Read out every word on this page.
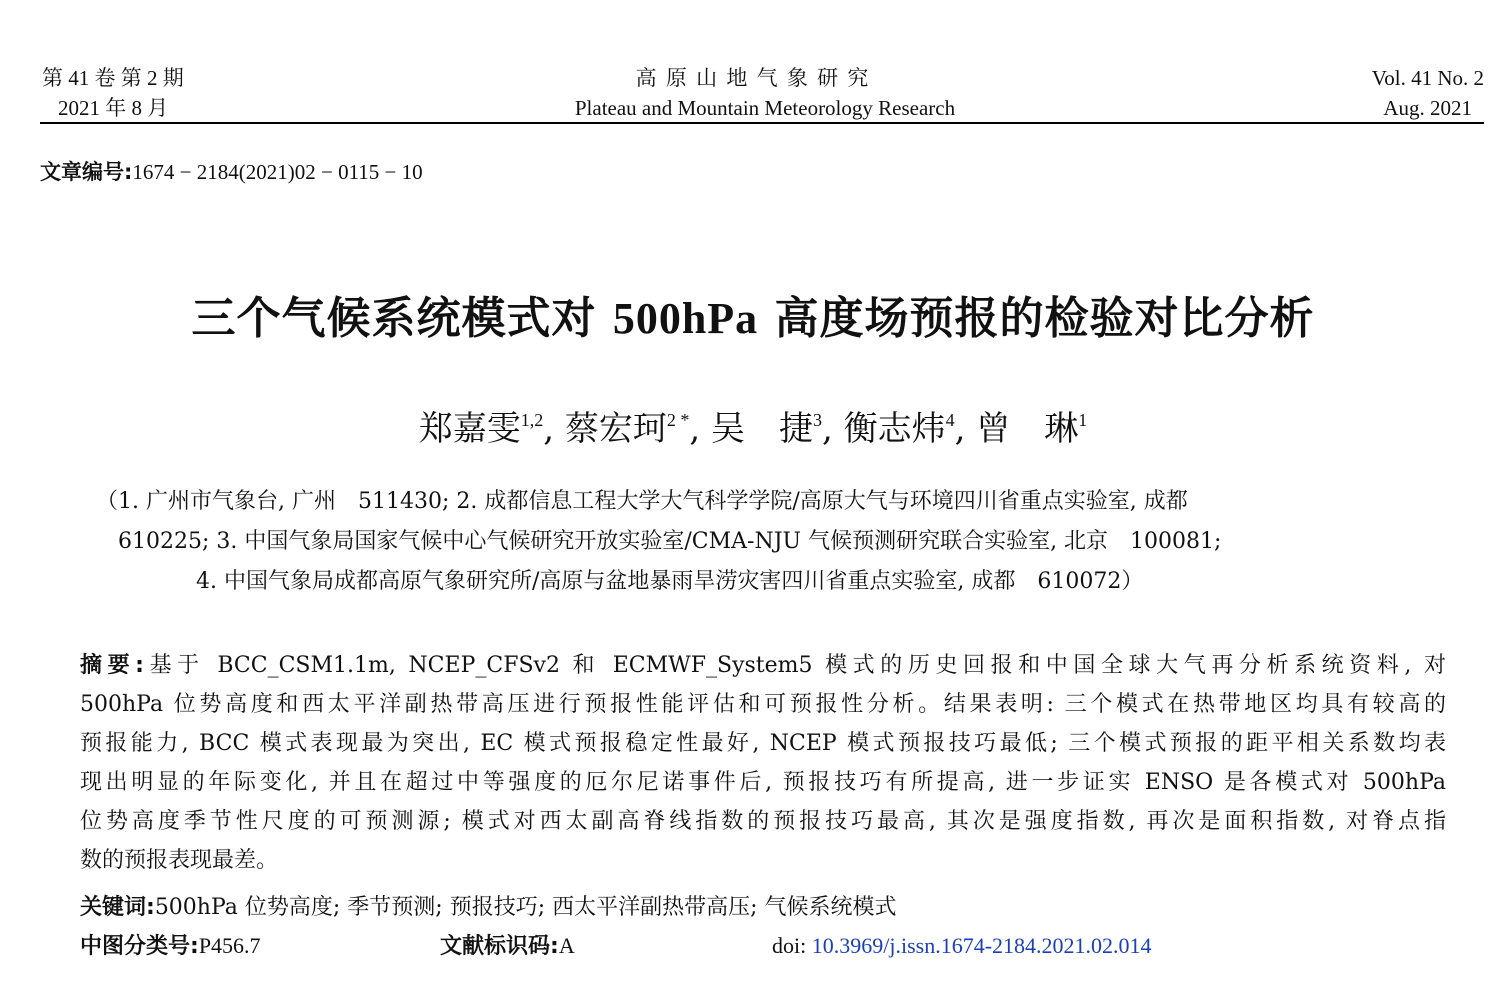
第 41 卷 第 2 期
2021 年 8 月
高 原 山 地 气 象 研 究
Plateau and Mountain Meteorology Research
Vol. 41 No. 2
Aug. 2021
文章编号:1674 − 2184(2021)02 − 0115 − 10
三个气候系统模式对 500hPa 高度场预报的检验对比分析
郑嘉雯$^{1,2}$, 蔡宏珂$^{2 *}$, 吴　捷$^3$, 衡志炜$^4$, 曾　琳$^1$
（1. 广州市气象台, 广州　511430; 2. 成都信息工程大学大气科学学院/高原大气与环境四川省重点实验室, 成都
610225; 3. 中国气象局国家气候中心气候研究开放实验室/CMA-NJU 气候预测研究联合实验室, 北京　100081;
4. 中国气象局成都高原气象研究所/高原与盆地暴雨旱涝灾害四川省重点实验室, 成都　610072）
摘要:基于 BCC_CSM1.1m, NCEP_CFSv2 和 ECMWF_System5 模式的历史回报和中国全球大气再分析系统资料, 对
500hPa 位势高度和西太平洋副热带高压进行预报性能评估和可预报性分析。结果表明: 三个模式在热带地区均具有较高的
预报能力, BCC 模式表现最为突出, EC 模式预报稳定性最好, NCEP 模式预报技巧最低; 三个模式预报的距平相关系数均表
现出明显的年际变化, 并且在超过中等强度的厄尔尼诺事件后, 预报技巧有所提高, 进一步证实 ENSO 是各模式对 500hPa
位势高度季节性尺度的可预测源; 模式对西太副高脊线指数的预报技巧最高, 其次是强度指数, 再次是面积指数, 对脊点指
数的预报表现最差。
关键词:500hPa 位势高度; 季节预测; 预报技巧; 西太平洋副热带高压; 气候系统模式
中图分类号:P456.7	文献标识码:A	doi: 10.3969/j.issn.1674-2184.2021.02.014
